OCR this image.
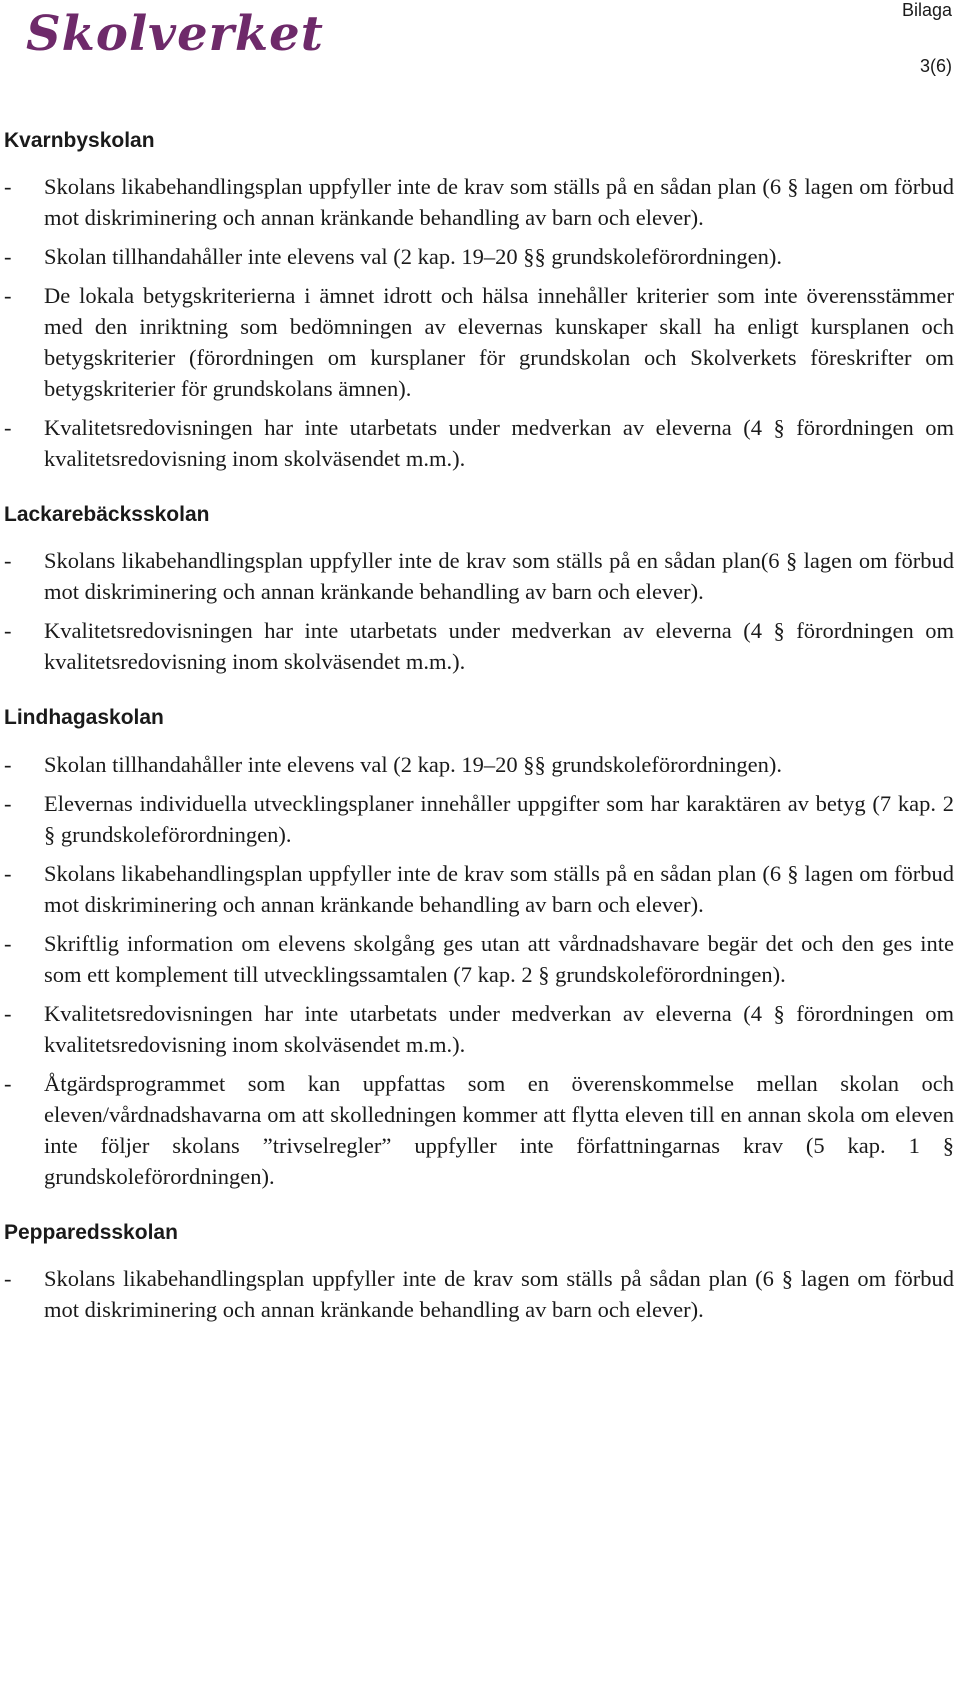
Skolverket	Bilaga
3(6)
Kvarnbyskolan
- Skolans likabehandlingsplan uppfyller inte de krav som ställs på en sådan plan (6 § lagen om förbud mot diskriminering och annan kränkande behandling av barn och elever).
- Skolan tillhandahåller inte elevens val (2 kap. 19–20 §§ grundskoleförordningen).
- De lokala betygskriterierna i ämnet idrott och hälsa innehåller kriterier som inte överensstämmer med den inriktning som bedömningen av elevernas kunskaper skall ha enligt kursplanen och betygskriterier (förordningen om kursplaner för grundskolan och Skolverkets föreskrifter om betygskriterier för grundskolans ämnen).
- Kvalitetsredovisningen har inte utarbetats under medverkan av eleverna (4 § förordningen om kvalitetsredovisning inom skolväsendet m.m.).
Lackarebäcksskolan
- Skolans likabehandlingsplan uppfyller inte de krav som ställs på en sådan plan(6 § lagen om förbud mot diskriminering och annan kränkande behandling av barn och elever).
- Kvalitetsredovisningen har inte utarbetats under medverkan av eleverna (4 § förordningen om kvalitetsredovisning inom skolväsendet m.m.).
Lindhagaskolan
- Skolan tillhandahåller inte elevens val (2 kap. 19–20 §§ grundskoleförordningen).
- Elevernas individuella utvecklingsplaner innehåller uppgifter som har karaktären av betyg (7 kap. 2 § grundskoleförordningen).
- Skolans likabehandlingsplan uppfyller inte de krav som ställs på en sådan plan (6 § lagen om förbud mot diskriminering och annan kränkande behandling av barn och elever).
- Skriftlig information om elevens skolgång ges utan att vårdnadshavare begär det och den ges inte som ett komplement till utvecklingssamtalen (7 kap. 2 § grundskoleförordningen).
- Kvalitetsredovisningen har inte utarbetats under medverkan av eleverna (4 § förordningen om kvalitetsredovisning inom skolväsendet m.m.).
- Åtgärdsprogrammet som kan uppfattas som en överenskommelse mellan skolan och eleven/vårdnadshavarna om att skolledningen kommer att flytta eleven till en annan skola om eleven inte följer skolans ”trivselregler” uppfyller inte författningarnas krav (5 kap. 1 § grundskoleförordningen).
Pepparedsskolan
- Skolans likabehandlingsplan uppfyller inte de krav som ställs på sådan plan (6 § lagen om förbud mot diskriminering och annan kränkande behandling av barn och elever).
